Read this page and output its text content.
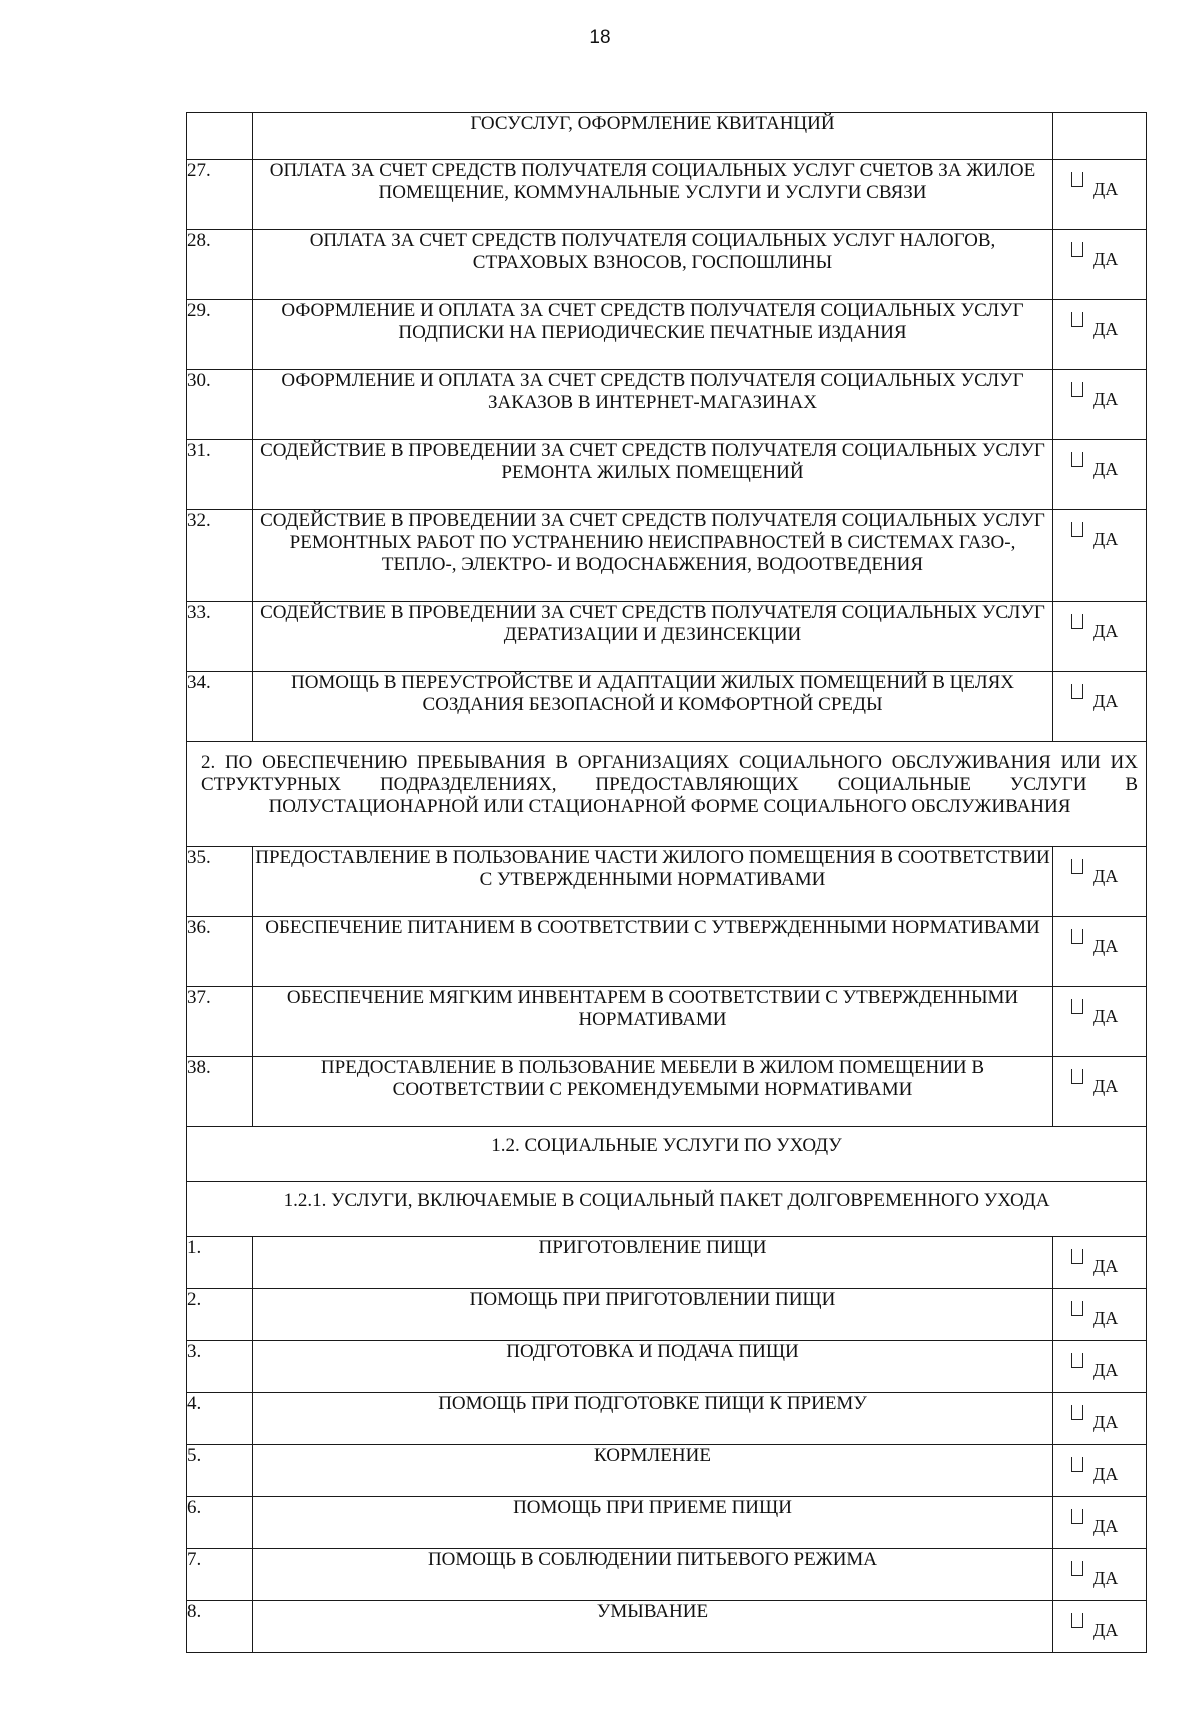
18
	ГОСУСЛУГ, ОФОРМЛЕНИЕ КВИТАНЦИЙ	
27.	ОПЛАТА ЗА СЧЕТ СРЕДСТВ ПОЛУЧАТЕЛЯ СОЦИАЛЬНЫХ УСЛУГ СЧЕТОВ ЗА ЖИЛОЕ ПОМЕЩЕНИЕ, КОММУНАЛЬНЫЕ УСЛУГИ И УСЛУГИ СВЯЗИ	ДА

28.	ОПЛАТА ЗА СЧЕТ СРЕДСТВ ПОЛУЧАТЕЛЯ СОЦИАЛЬНЫХ УСЛУГ НАЛОГОВ, СТРАХОВЫХ ВЗНОСОВ, ГОСПОШЛИНЫ	ДА

29.	ОФОРМЛЕНИЕ И ОПЛАТА ЗА СЧЕТ СРЕДСТВ ПОЛУЧАТЕЛЯ СОЦИАЛЬНЫХ УСЛУГ ПОДПИСКИ НА ПЕРИОДИЧЕСКИЕ ПЕЧАТНЫЕ ИЗДАНИЯ	ДА

30.	ОФОРМЛЕНИЕ И ОПЛАТА ЗА СЧЕТ СРЕДСТВ ПОЛУЧАТЕЛЯ СОЦИАЛЬНЫХ УСЛУГ ЗАКАЗОВ В ИНТЕРНЕТ-МАГАЗИНАХ	ДА

31.	СОДЕЙСТВИЕ В ПРОВЕДЕНИИ ЗА СЧЕТ СРЕДСТВ ПОЛУЧАТЕЛЯ СОЦИАЛЬНЫХ УСЛУГ РЕМОНТА ЖИЛЫХ ПОМЕЩЕНИЙ	ДА

32.	СОДЕЙСТВИЕ В ПРОВЕДЕНИИ ЗА СЧЕТ СРЕДСТВ ПОЛУЧАТЕЛЯ СОЦИАЛЬНЫХ УСЛУГ РЕМОНТНЫХ РАБОТ ПО УСТРАНЕНИЮ НЕИСПРАВНОСТЕЙ В СИСТЕМАХ ГАЗО-, ТЕПЛО-, ЭЛЕКТРО- И ВОДОСНАБЖЕНИЯ, ВОДООТВЕДЕНИЯ	ДА

33.	СОДЕЙСТВИЕ В ПРОВЕДЕНИИ ЗА СЧЕТ СРЕДСТВ ПОЛУЧАТЕЛЯ СОЦИАЛЬНЫХ УСЛУГ ДЕРАТИЗАЦИИ И ДЕЗИНСЕКЦИИ	ДА

34.	ПОМОЩЬ В ПЕРЕУСТРОЙСТВЕ И АДАПТАЦИИ ЖИЛЫХ ПОМЕЩЕНИЙ В ЦЕЛЯХ СОЗДАНИЯ БЕЗОПАСНОЙ И КОМФОРТНОЙ СРЕДЫ	ДА

2. ПО ОБЕСПЕЧЕНИЮ ПРЕБЫВАНИЯ В ОРГАНИЗАЦИЯХ СОЦИАЛЬНОГО ОБСЛУЖИВАНИЯ ИЛИ ИХ СТРУКТУРНЫХ ПОДРАЗДЕЛЕНИЯХ, ПРЕДОСТАВЛЯЮЩИХ СОЦИАЛЬНЫЕ УСЛУГИ В ПОЛУСТАЦИОНАРНОЙ ИЛИ СТАЦИОНАРНОЙ ФОРМЕ СОЦИАЛЬНОГО ОБСЛУЖИВАНИЯ		
35.	ПРЕДОСТАВЛЕНИЕ В ПОЛЬЗОВАНИЕ ЧАСТИ ЖИЛОГО ПОМЕЩЕНИЯ В СООТВЕТСТВИИ С УТВЕРЖДЕННЫМИ НОРМАТИВАМИ	ДА

36.	ОБЕСПЕЧЕНИЕ ПИТАНИЕМ В СООТВЕТСТВИИ С УТВЕРЖДЕННЫМИ НОРМАТИВАМИ	ДА

37.	ОБЕСПЕЧЕНИЕ МЯГКИМ ИНВЕНТАРЕМ В СООТВЕТСТВИИ С УТВЕРЖДЕННЫМИ НОРМАТИВАМИ	ДА

38.	ПРЕДОСТАВЛЕНИЕ В ПОЛЬЗОВАНИЕ МЕБЕЛИ В ЖИЛОМ ПОМЕЩЕНИИ В СООТВЕТСТВИИ С РЕКОМЕНДУЕМЫМИ НОРМАТИВАМИ	ДА

1.2. СОЦИАЛЬНЫЕ УСЛУГИ ПО УХОДУ		
1.2.1. УСЛУГИ, ВКЛЮЧАЕМЫЕ В СОЦИАЛЬНЫЙ ПАКЕТ ДОЛГОВРЕМЕННОГО УХОДА		
1.	ПРИГОТОВЛЕНИЕ ПИЩИ	ДА

2.	ПОМОЩЬ ПРИ ПРИГОТОВЛЕНИИ ПИЩИ	ДА

3.	ПОДГОТОВКА И ПОДАЧА ПИЩИ	ДА

4.	ПОМОЩЬ ПРИ ПОДГОТОВКЕ ПИЩИ К ПРИЕМУ	ДА

5.	КОРМЛЕНИЕ	ДА

6.	ПОМОЩЬ ПРИ ПРИЕМЕ ПИЩИ	ДА

7.	ПОМОЩЬ В СОБЛЮДЕНИИ ПИТЬЕВОГО РЕЖИМА	ДА

8.	УМЫВАНИЕ	ДА
